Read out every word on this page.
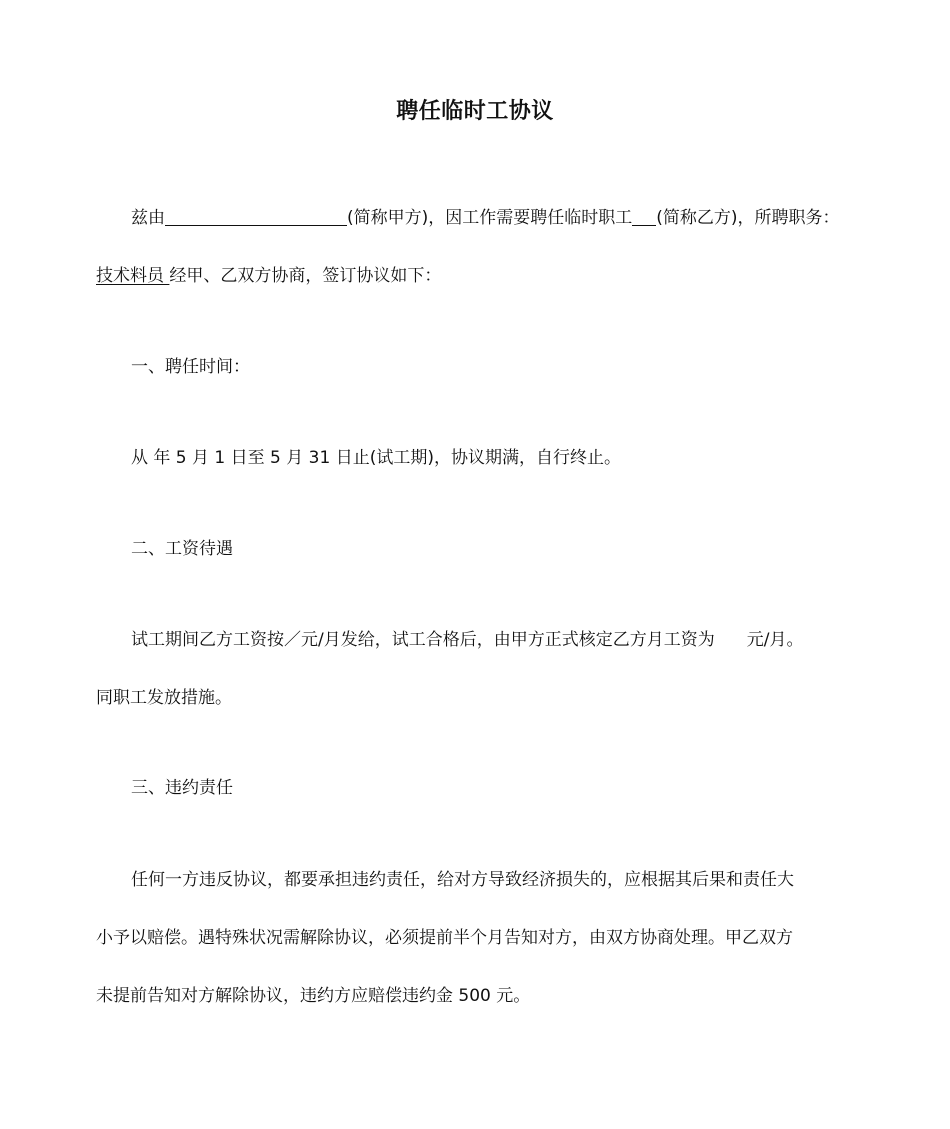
聘任临时工协议
兹由	(简称甲方)，因工作需要聘任临时职工 (简称乙方)，所聘职务：
技术料员 经甲、乙双方协商，签订协议如下：
一、聘任时间：
从 年 5 月 1 日至 5 月 31 日止(试工期)，协议期满，自行终止。
二、工资待遇
试工期间乙方工资按／元/月发给，试工合格后，由甲方正式核定乙方月工资为 元/月。
同职工发放措施。
三、违约责任
任何一方违反协议，都要承担违约责任，给对方导致经济损失的，应根据其后果和责任大
小予以赔偿。遇特殊状况需解除协议，必须提前半个月告知对方，由双方协商处理。甲乙双方
未提前告知对方解除协议，违约方应赔偿违约金 500 元。
